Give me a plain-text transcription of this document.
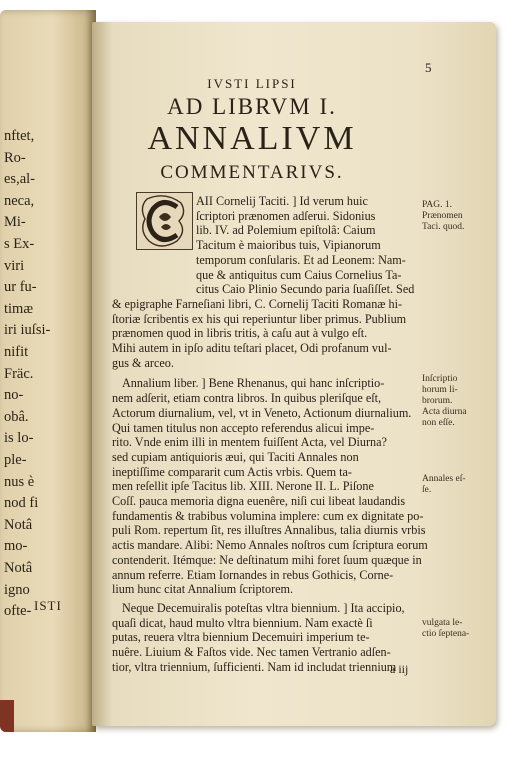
nftet,
Ro-
es,al-
neca,
Mi-
s Ex-
viri
ur fu-
timæ
iri iuſsi-
nifit
Fräc.
no-
obâ.
is lo-
ple-
nus è
nod fi
Notâ
mo-
Notâ
igno
ofte- ISTI
5
IVSTI LIPSI
AD LIBRVM I.
ANNALIVM
COMMENTARIVS.
AII Cornelij Taciti. ] Id verum huic
ſcriptori prænomen adſerui. Sidonius
lib. IV. ad Polemium epiſtolâ: Caium
Tacitum è maioribus tuis, Vipianorum
temporum conſularis. Et ad Leonem: Nam-
que & antiquitus cum Caius Cornelius Ta-
citus Caio Plinio Secundo paria ſuaſiſſet. Sed
& epigraphe Farneſiani libri, C. Cornelij Taciti Romanæ hi-
ſtoriæ ſcribentis ex his qui reperiuntur liber primus. Publium
prænomen quod in libris tritis, à caſu aut à vulgo eſt.
Mihi autem in ipſo aditu teſtari placet, Odi profanum vul-
gus & arceo.
Annalium liber. ] Bene Rhenanus, qui hanc inſcriptio-
nem adſerit, etiam contra libros. In quibus pleriſque eſt,
Actorum diurnalium, vel, vt in Veneto, Actionum diurnalium.
Qui tamen titulus non accepto referendus alicui impe-
rito. Vnde enim illi in mentem fuiſſent Acta, vel Diurna?
sed cupiam antiquioris æui, qui Taciti Annales non
ineptiſſime compararit cum Actis vrbis. Quem ta-
men reſellit ipſe Tacitus lib. XIII. Nerone II. L. Piſone
Coſſ. pauca memoria digna euenêre, niſi cui libeat laudandis
fundamentis & trabibus volumina implere: cum ex dignitate po-
puli Rom. repertum ſit, res illuſtres Annalibus, talia diurnis vrbis
actis mandare. Alibi: Nemo Annales noſtros cum ſcriptura eorum
contenderit. Itémque: Ne deſtinatum mihi foret ſuum quæque in
annum referre. Etiam Iornandes in rebus Gothicis, Corne-
lium hunc citat Annalium ſcriptorem.
Neque Decemuiralis poteſtas vltra biennium. ] Ita accipio,
quaſi dicat, haud multo vltra biennium. Nam exactè ſi
putas, reuera vltra biennium Decemuiri imperium te-
nuêre. Liuium & Faſtos vide. Nec tamen Vertranio adſen-
tior, vltra triennium, ſufficienti. Nam id includat triennium
PAG. 1.
Prænomen
Taci. quod.
Inſcriptio
horum li-
brorum.
Acta diurna
non eſſe.
Annales eſ-
ſe.
vulgata le-
ctio ſeptena-
a iij
